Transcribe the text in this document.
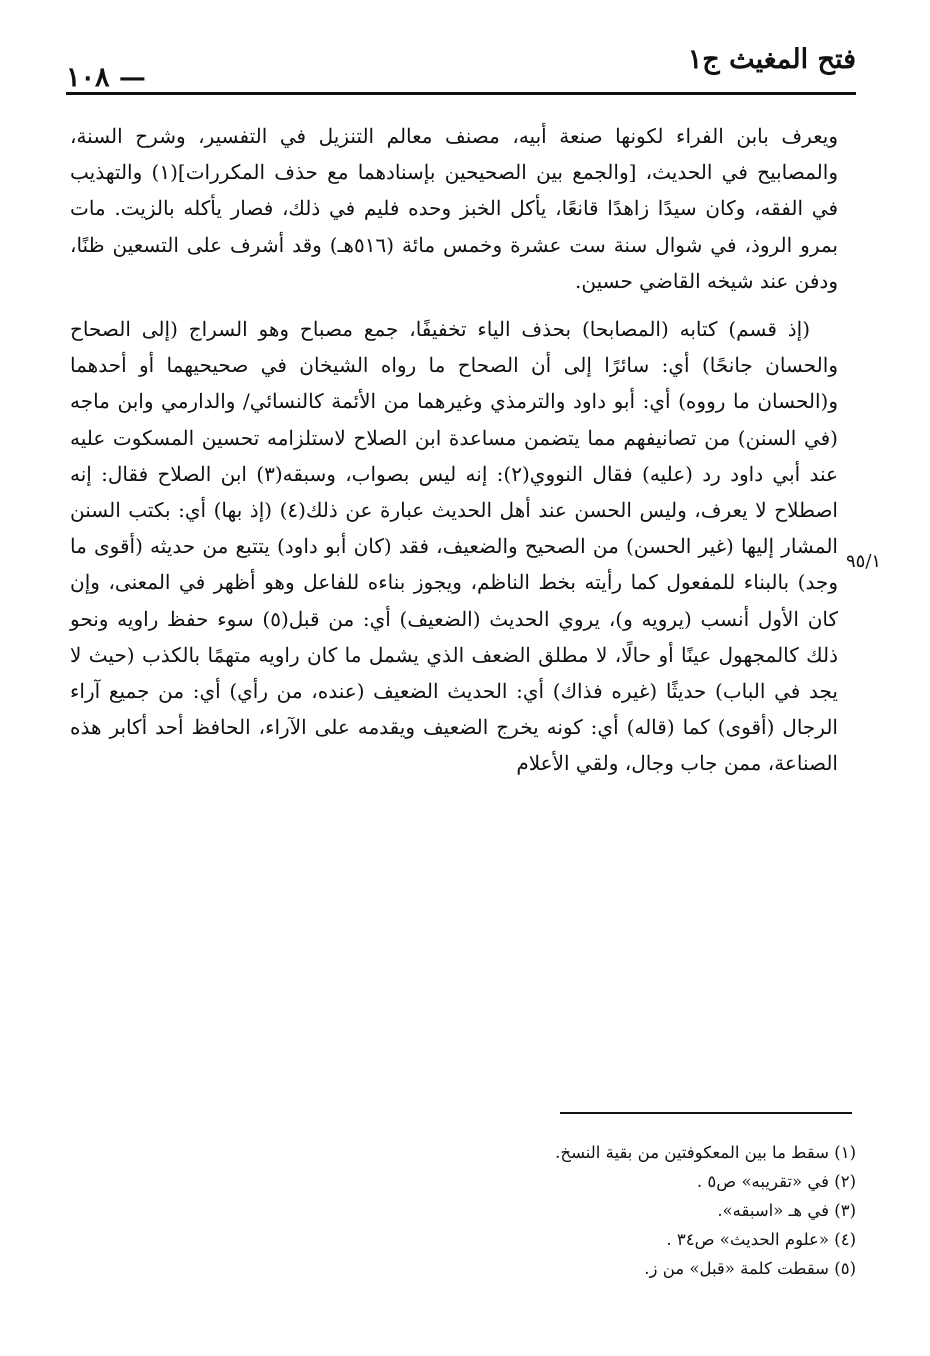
فتح المغيث ج١
— ١٠٨
٩٥/١

ويعرف بابن الفراء لكونها صنعة أبيه، مصنف معالم التنزيل في التفسير، وشرح السنة، والمصابيح في الحديث، [والجمع بين الصحيحين بإسنادهما مع حذف المكررات](١) والتهذيب في الفقه، وكان سيدًا زاهدًا قانعًا، يأكل الخبز وحده فليم في ذلك، فصار يأكله بالزيت. مات بمرو الروذ، في شوال سنة ست عشرة وخمس مائة (٥١٦هـ) وقد أشرف على التسعين ظنًا، ودفن عند شيخه القاضي حسين.

(إذ قسم) كتابه (المصابحا) بحذف الياء تخفيفًا، جمع مصباح وهو السراج (إلى الصحاح والحسان جانحًا) أي: سائرًا إلى أن الصحاح ما رواه الشيخان في صحيحيهما أو أحدهما و(الحسان ما رووه) أي: أبو داود والترمذي وغيرهما من الأئمة كالنسائي/ والدارمي وابن ماجه (في السنن) من تصانيفهم مما يتضمن مساعدة ابن الصلاح لاستلزامه تحسين المسكوت عليه عند أبي داود رد (عليه) فقال النووي(٢): إنه ليس بصواب، وسبقه(٣) ابن الصلاح فقال: إنه اصطلاح لا يعرف، وليس الحسن عند أهل الحديث عبارة عن ذلك(٤) (إذ بها) أي: بكتب السنن المشار إليها (غير الحسن) من الصحيح والضعيف، فقد (كان أبو داود) يتتبع من حديثه (أقوى ما وجد) بالبناء للمفعول كما رأيته بخط الناظم، ويجوز بناءه للفاعل وهو أظهر في المعنى، وإن كان الأول أنسب (يرويه و)، يروي الحديث (الضعيف) أي: من قبل(٥) سوء حفظ راويه ونحو ذلك كالمجهول عينًا أو حالًا، لا مطلق الضعف الذي يشمل ما كان راويه متهمًا بالكذب (حيث لا يجد في الباب) حديثًا (غيره فذاك) أي: الحديث الضعيف (عنده، من رأي) أي: من جميع آراء الرجال (أقوى) كما (قاله) أي: كونه يخرج الضعيف ويقدمه على الآراء، الحافظ أحد أكابر هذه الصناعة، ممن جاب وجال، ولقي الأعلام

(١) سقط ما بين المعكوفتين من بقية النسخ.
(٢) في «تقريبه» ص٥ .
(٣) في هـ «اسبقه».
(٤) «علوم الحديث» ص٣٤ .
(٥) سقطت كلمة «قبل» من ز.
